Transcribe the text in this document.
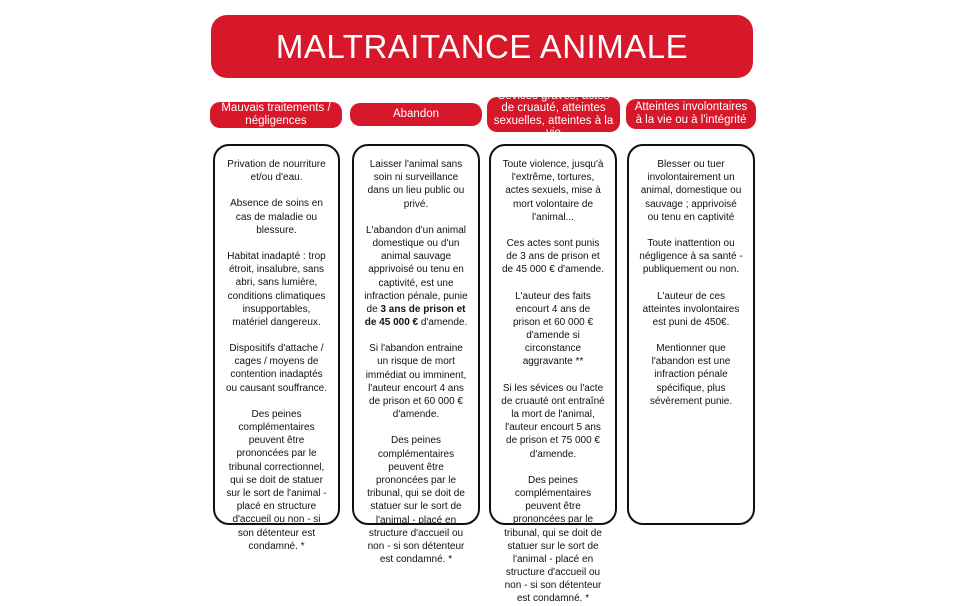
MALTRAITANCE ANIMALE
Mauvais traitements / négligences
Abandon
Sévices graves, actes de cruauté, atteintes sexuelles, atteintes à la vie
Atteintes involontaires à la vie ou à l'intégrité

Privation de nourriture et/ou d'eau.

Absence de soins en cas de maladie ou blessure.

Habitat inadapté : trop étroit, insalubre, sans abri, sans lumière, conditions climatiques insupportables, matériel dangereux.

Dispositifs d'attache / cages / moyens de contention inadaptés ou causant souffrance.

Des peines complémentaires peuvent être prononcées par le tribunal correctionnel, qui se doit de statuer sur le sort de l'animal - placé en structure d'accueil ou non - si son détenteur est condamné. *

Laisser l'animal sans soin ni surveillance dans un lieu public ou privé.

L'abandon d'un animal domestique ou d'un animal sauvage apprivoisé ou tenu en captivité, est une infraction pénale, punie de 3 ans de prison et de 45 000 € d'amende.

Si l'abandon entraine un risque de mort immédiat ou imminent, l'auteur encourt 4 ans de prison et 60 000 € d'amende.

Des peines complémentaires peuvent être prononcées par le tribunal, qui se doit de statuer sur le sort de l'animal - placé en structure d'accueil ou non - si son détenteur est condamné. *

Toute violence, jusqu'à l'extrême, tortures, actes sexuels, mise à mort volontaire de l'animal...

Ces actes sont punis de 3 ans de prison et de 45 000 € d'amende.

L'auteur des faits encourt 4 ans de prison et 60 000 € d'amende si circonstance aggravante **

Si les sévices ou l'acte de cruauté ont entraîné la mort de l'animal, l'auteur encourt 5 ans de prison et 75 000 € d'amende.

Des peines complémentaires peuvent être prononcées par le tribunal, qui se doit de statuer sur le sort de l'animal - placé en structure d'accueil ou non - si son détenteur est condamné. *

Blesser ou tuer involontairement un animal, domestique ou sauvage ; apprivoisé ou tenu en captivité

Toute inattention ou négligence à sa santé - publiquement ou non.

L'auteur de ces atteintes involontaires est puni de 450€.

Mentionner que l'abandon est une infraction pénale spécifique, plus sévèrement punie.
